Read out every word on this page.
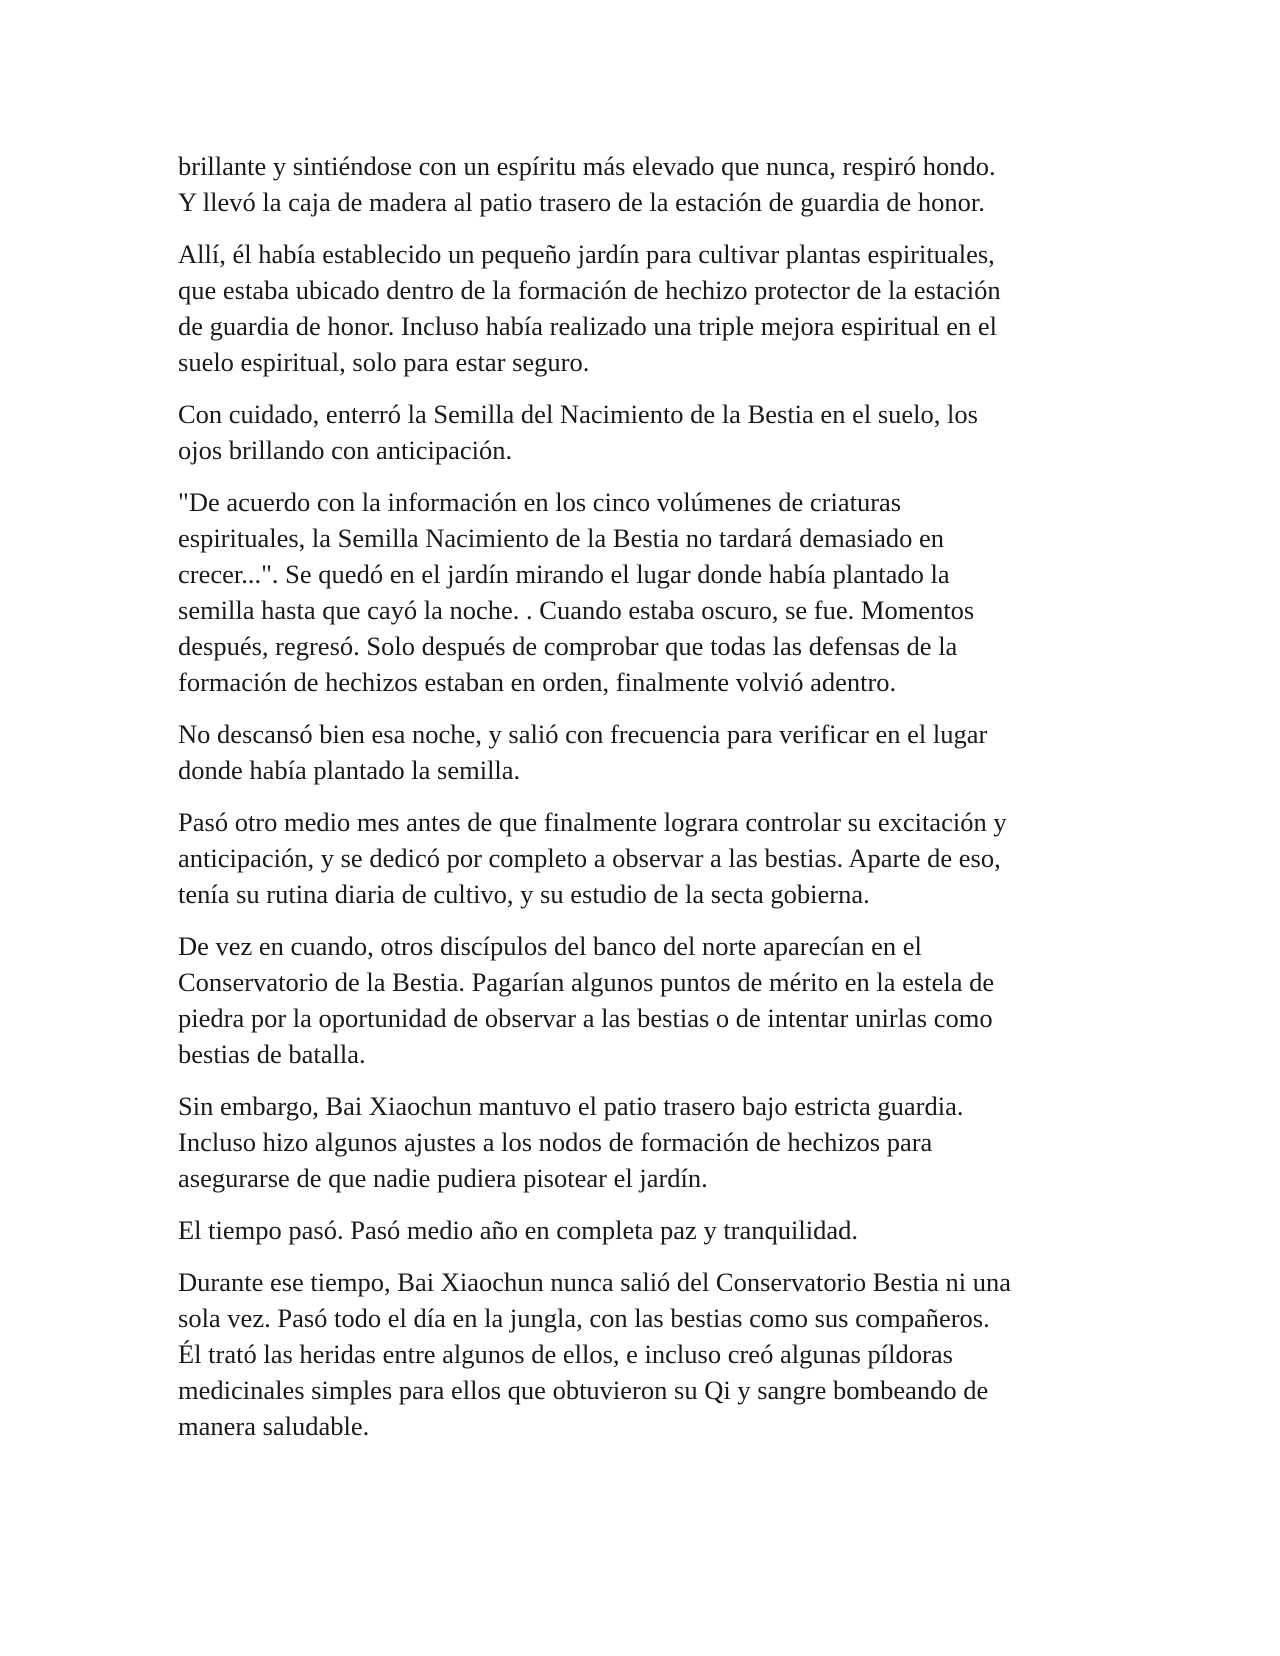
brillante y sintiéndose con un espíritu más elevado que nunca, respiró hondo.
Y llevó la caja de madera al patio trasero de la estación de guardia de honor.

Allí, él había establecido un pequeño jardín para cultivar plantas espirituales,
que estaba ubicado dentro de la formación de hechizo protector de la estación
de guardia de honor. Incluso había realizado una triple mejora espiritual en el
suelo espiritual, solo para estar seguro.

Con cuidado, enterró la Semilla del Nacimiento de la Bestia en el suelo, los
ojos brillando con anticipación.

"De acuerdo con la información en los cinco volúmenes de criaturas
espirituales, la Semilla Nacimiento de la Bestia no tardará demasiado en
crecer...". Se quedó en el jardín mirando el lugar donde había plantado la
semilla hasta que cayó la noche. . Cuando estaba oscuro, se fue. Momentos
después, regresó. Solo después de comprobar que todas las defensas de la
formación de hechizos estaban en orden, finalmente volvió adentro.

No descansó bien esa noche, y salió con frecuencia para verificar en el lugar
donde había plantado la semilla.

Pasó otro medio mes antes de que finalmente lograra controlar su excitación y
anticipación, y se dedicó por completo a observar a las bestias. Aparte de eso,
tenía su rutina diaria de cultivo, y su estudio de la secta gobierna.

De vez en cuando, otros discípulos del banco del norte aparecían en el
Conservatorio de la Bestia. Pagarían algunos puntos de mérito en la estela de
piedra por la oportunidad de observar a las bestias o de intentar unirlas como
bestias de batalla.

Sin embargo, Bai Xiaochun mantuvo el patio trasero bajo estricta guardia.
Incluso hizo algunos ajustes a los nodos de formación de hechizos para
asegurarse de que nadie pudiera pisotear el jardín.

El tiempo pasó. Pasó medio año en completa paz y tranquilidad.

Durante ese tiempo, Bai Xiaochun nunca salió del Conservatorio Bestia ni una
sola vez. Pasó todo el día en la jungla, con las bestias como sus compañeros.
Él trató las heridas entre algunos de ellos, e incluso creó algunas píldoras
medicinales simples para ellos que obtuvieron su Qi y sangre bombeando de
manera saludable.
